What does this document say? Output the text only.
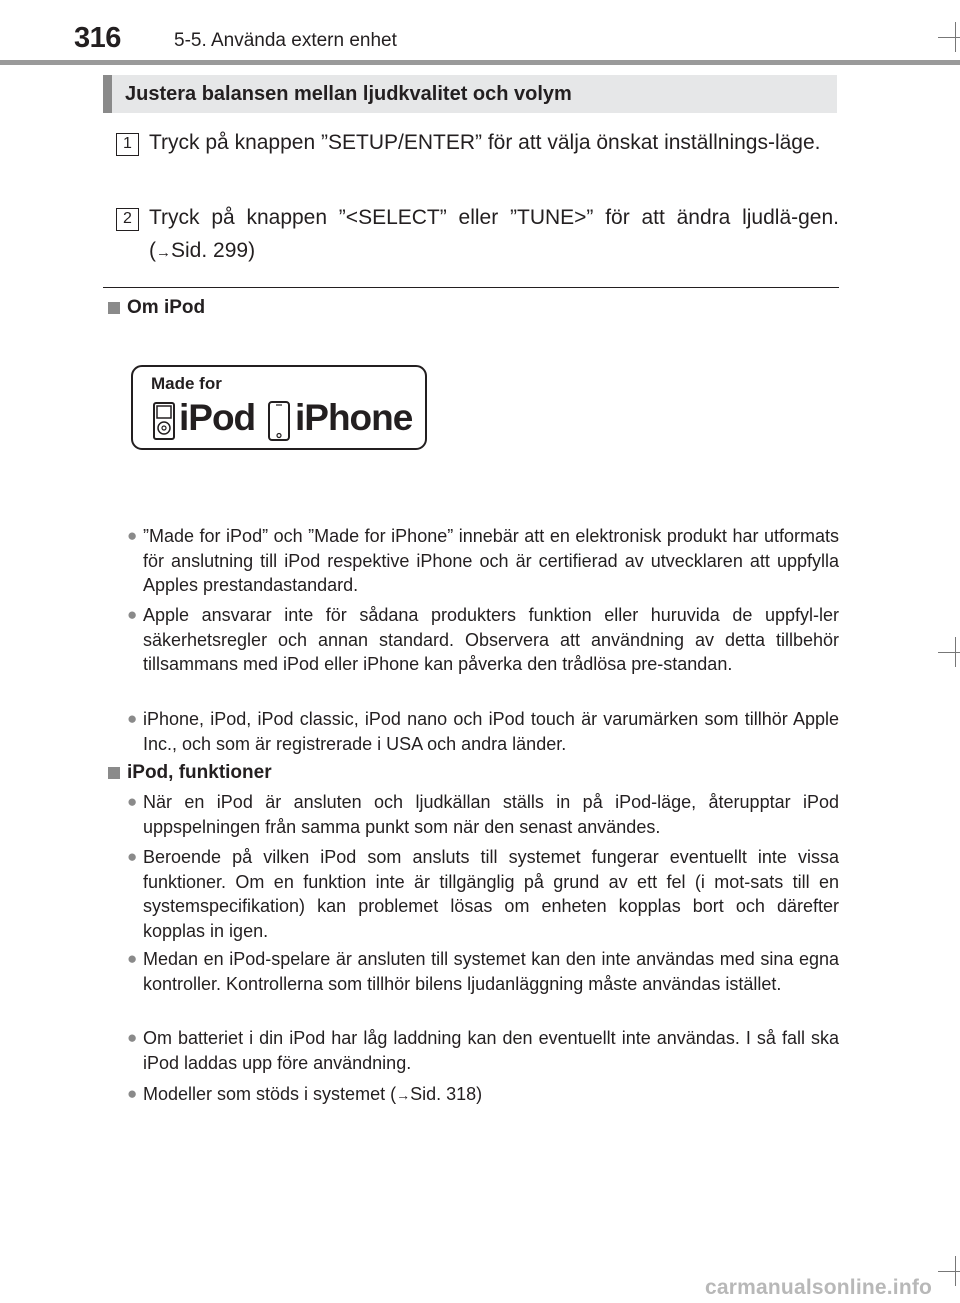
316	5-5. Använda extern enhet
Justera balansen mellan ljudkvalitet och volym
1 Tryck på knappen ”SETUP/ENTER” för att välja önskat inställnings-läge.
2 Tryck på knappen ”<SELECT” eller ”TUNE>” för att ändra ljudlä-gen. (→Sid. 299)
Om iPod
Made for
iPod iPhone
● ”Made for iPod” och ”Made for iPhone” innebär att en elektronisk produkt har utformats för anslutning till iPod respektive iPhone och är certifierad av utvecklaren att uppfylla Apples prestandastandard.
● Apple ansvarar inte för sådana produkters funktion eller huruvida de uppfyl-ler säkerhetsregler och annan standard. Observera att användning av detta tillbehör tillsammans med iPod eller iPhone kan påverka den trådlösa pre-standan.
● iPhone, iPod, iPod classic, iPod nano och iPod touch är varumärken som tillhör Apple Inc., och som är registrerade i USA och andra länder.
iPod, funktioner
● När en iPod är ansluten och ljudkällan ställs in på iPod-läge, återupptar iPod uppspelningen från samma punkt som när den senast användes.
● Beroende på vilken iPod som ansluts till systemet fungerar eventuellt inte vissa funktioner. Om en funktion inte är tillgänglig på grund av ett fel (i mot-sats till en systemspecifikation) kan problemet lösas om enheten kopplas bort och därefter kopplas in igen.
● Medan en iPod-spelare är ansluten till systemet kan den inte användas med sina egna kontroller. Kontrollerna som tillhör bilens ljudanläggning måste användas istället.
● Om batteriet i din iPod har låg laddning kan den eventuellt inte användas. I så fall ska iPod laddas upp före användning.
● Modeller som stöds i systemet (→Sid. 318)
carmanualsonline.info
